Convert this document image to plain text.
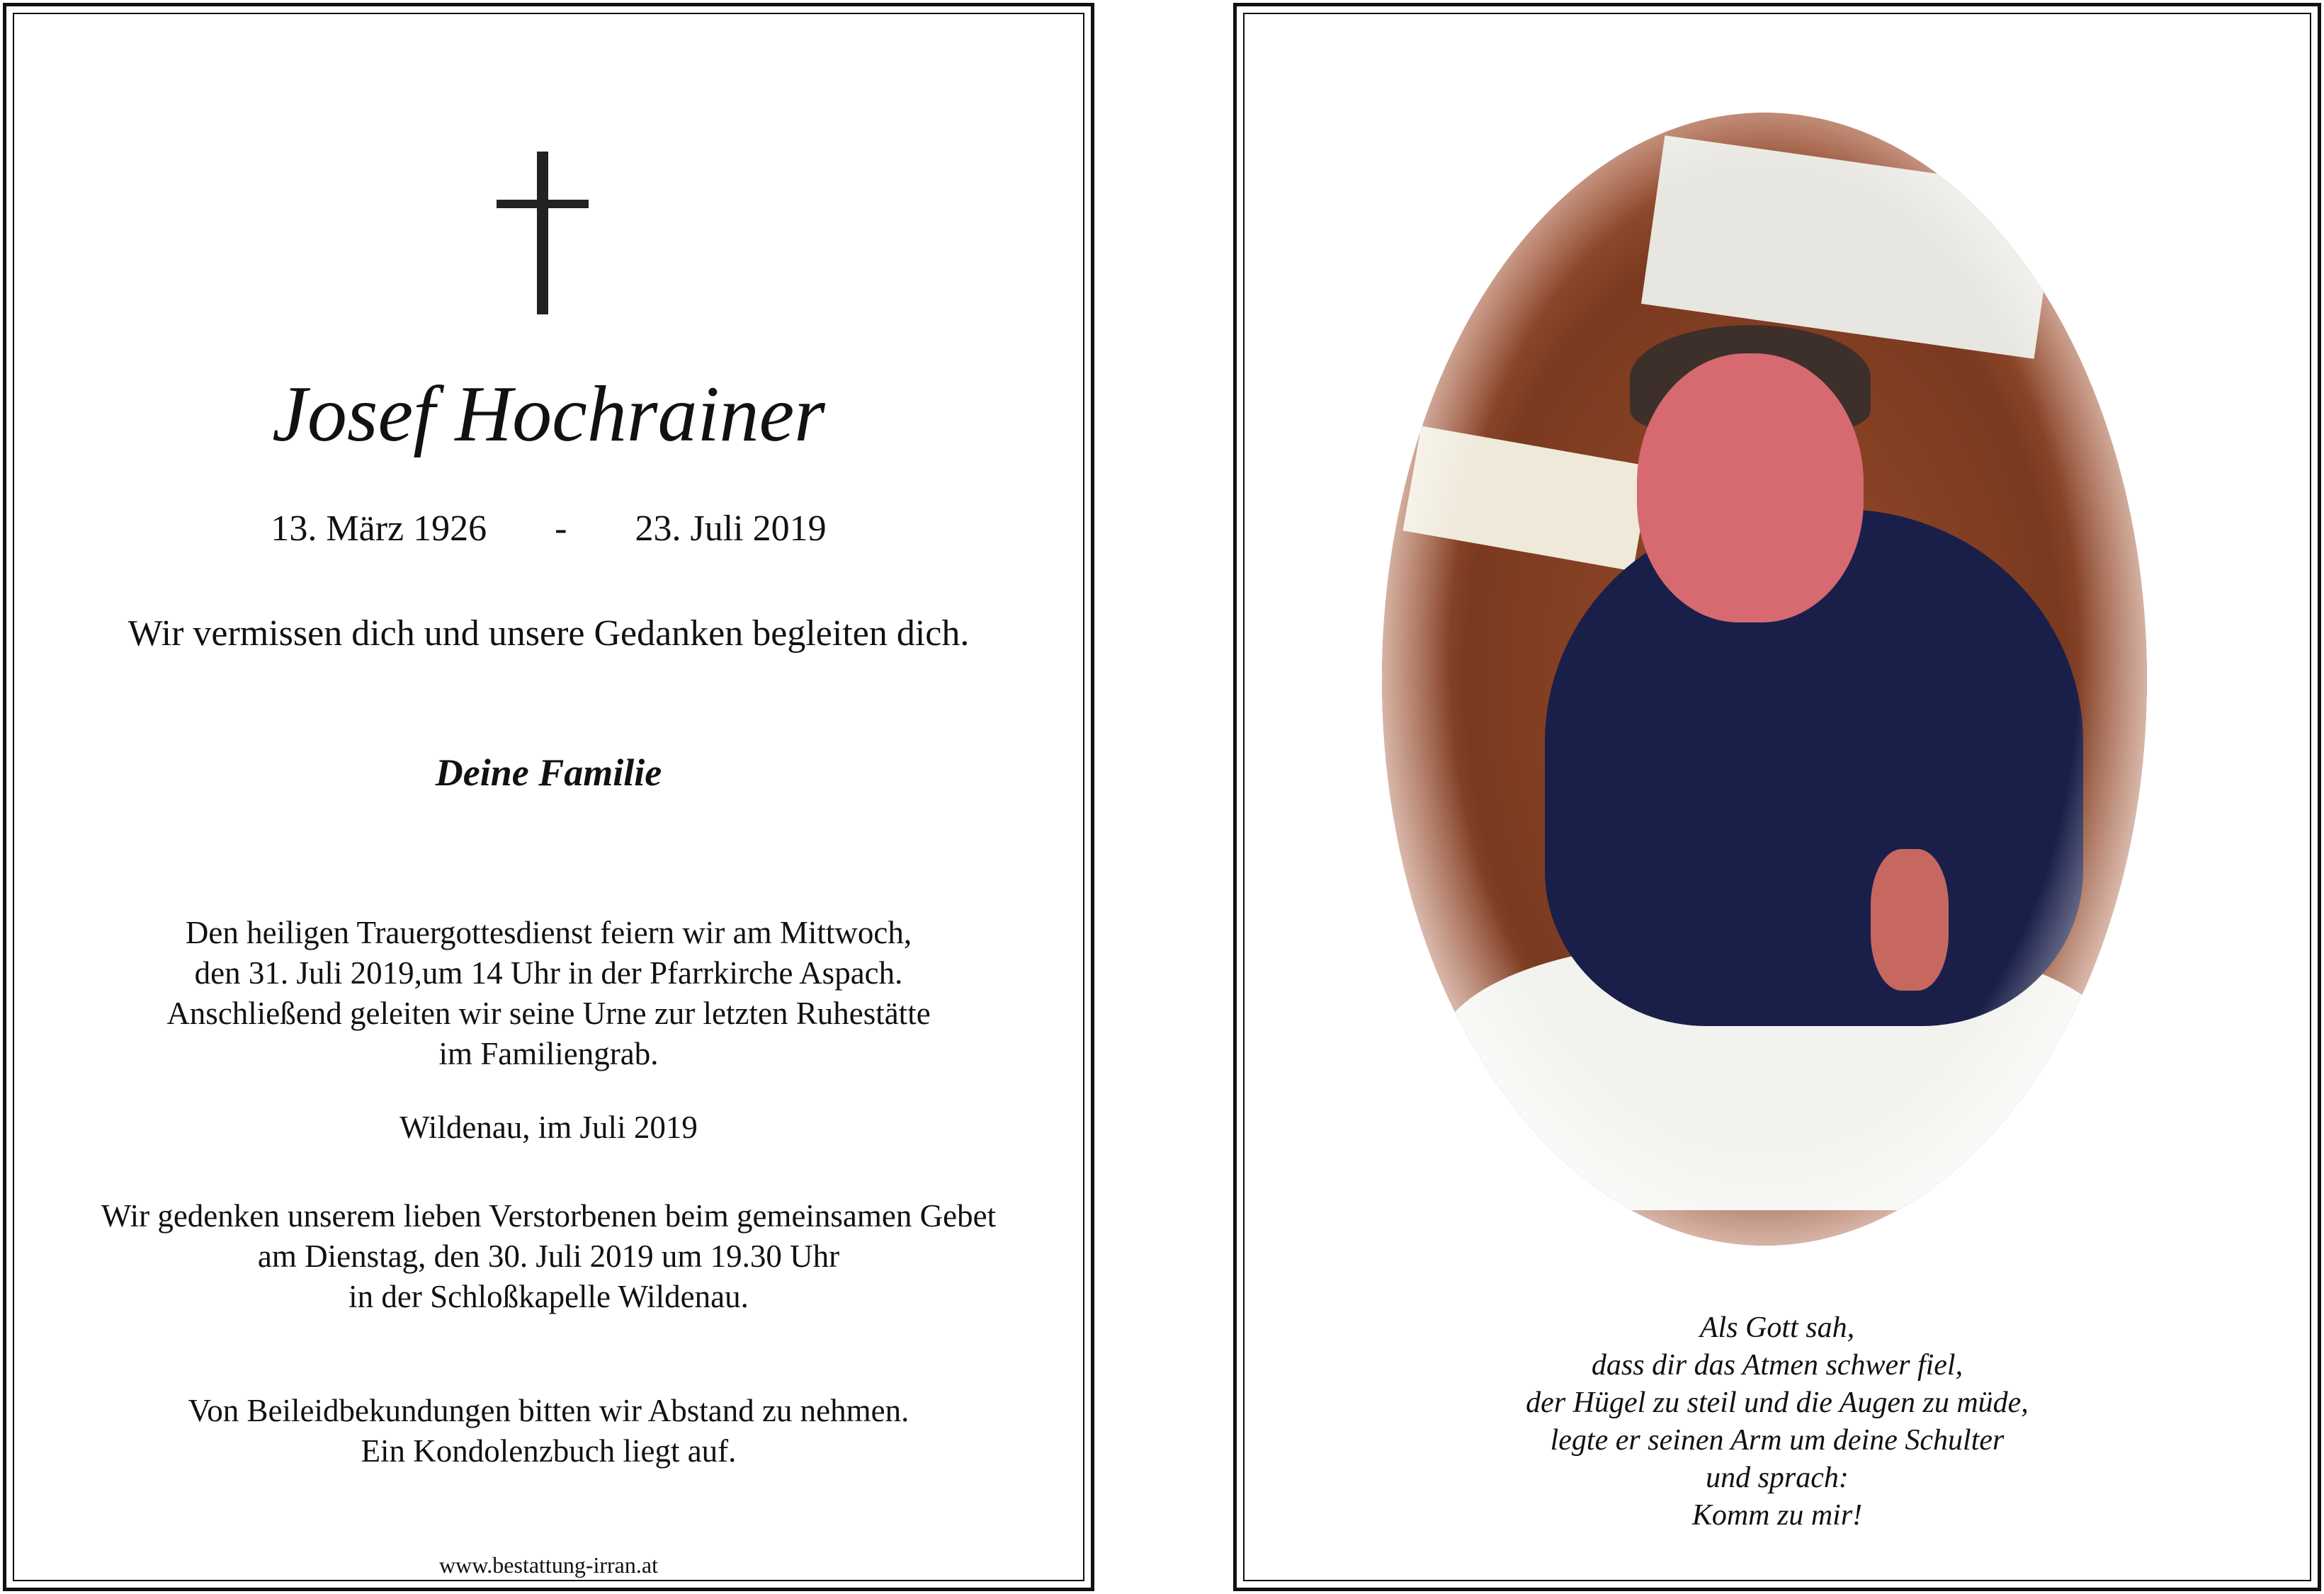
Josef Hochrainer
13. März 1926 - 23. Juli 2019
Wir vermissen dich und unsere Gedanken begleiten dich.
Deine Familie
Den heiligen Trauergottesdienst feiern wir am Mittwoch,
den 31. Juli 2019,um 14 Uhr in der Pfarrkirche Aspach.
Anschließend geleiten wir seine Urne zur letzten Ruhestätte
im Familiengrab.
Wildenau, im Juli 2019
Wir gedenken unserem lieben Verstorbenen beim gemeinsamen Gebet
am Dienstag, den 30. Juli 2019 um 19.30 Uhr
in der Schloßkapelle Wildenau.
Von Beileidbekundungen bitten wir Abstand zu nehmen.
Ein Kondolenzbuch liegt auf.
www.bestattung-irran.at
Als Gott sah,
dass dir das Atmen schwer fiel,
der Hügel zu steil und die Augen zu müde,
legte er seinen Arm um deine Schulter
und sprach:
Komm zu mir!
